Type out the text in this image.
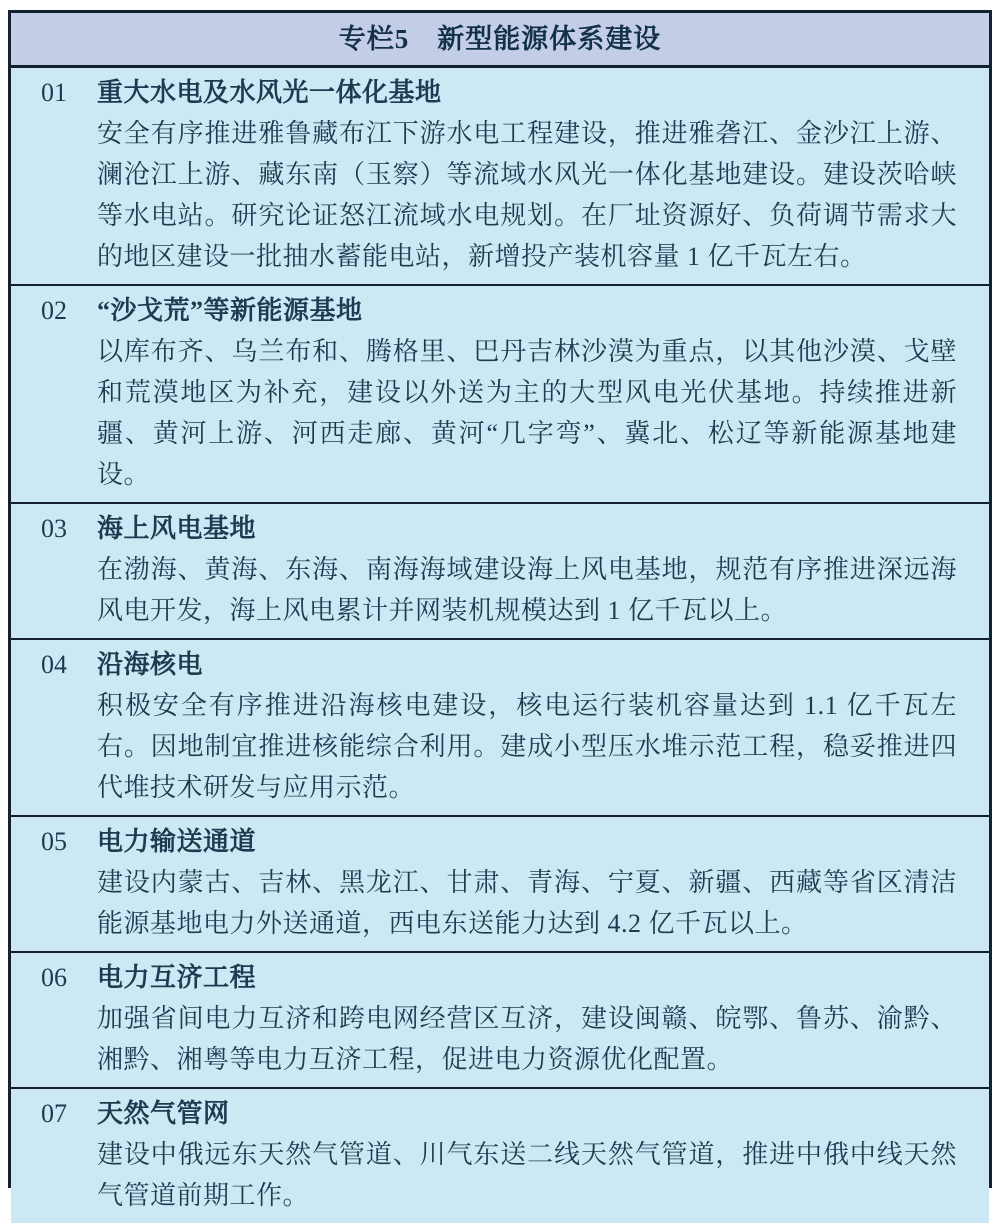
专栏5　新型能源体系建设
01	重大水电及水风光一体化基地
安全有序推进雅鲁藏布江下游水电工程建设，推进雅砻江、金沙江上游、澜沧江上游、藏东南（玉察）等流域水风光一体化基地建设。建设茨哈峡等水电站。研究论证怒江流域水电规划。在厂址资源好、负荷调节需求大的地区建设一批抽水蓄能电站，新增投产装机容量 1 亿千瓦左右。
02	“沙戈荒”等新能源基地
以库布齐、乌兰布和、腾格里、巴丹吉林沙漠为重点，以其他沙漠、戈壁和荒漠地区为补充，建设以外送为主的大型风电光伏基地。持续推进新疆、黄河上游、河西走廊、黄河“几字弯”、冀北、松辽等新能源基地建设。
03	海上风电基地
在渤海、黄海、东海、南海海域建设海上风电基地，规范有序推进深远海风电开发，海上风电累计并网装机规模达到 1 亿千瓦以上。
04	沿海核电
积极安全有序推进沿海核电建设，核电运行装机容量达到 1.1 亿千瓦左右。因地制宜推进核能综合利用。建成小型压水堆示范工程，稳妥推进四代堆技术研发与应用示范。
05	电力输送通道
建设内蒙古、吉林、黑龙江、甘肃、青海、宁夏、新疆、西藏等省区清洁能源基地电力外送通道，西电东送能力达到 4.2 亿千瓦以上。
06	电力互济工程
加强省间电力互济和跨电网经营区互济，建设闽赣、皖鄂、鲁苏、渝黔、湘黔、湘粤等电力互济工程，促进电力资源优化配置。
07	天然气管网
建设中俄远东天然气管道、川气东送二线天然气管道，推进中俄中线天然气管道前期工作。
